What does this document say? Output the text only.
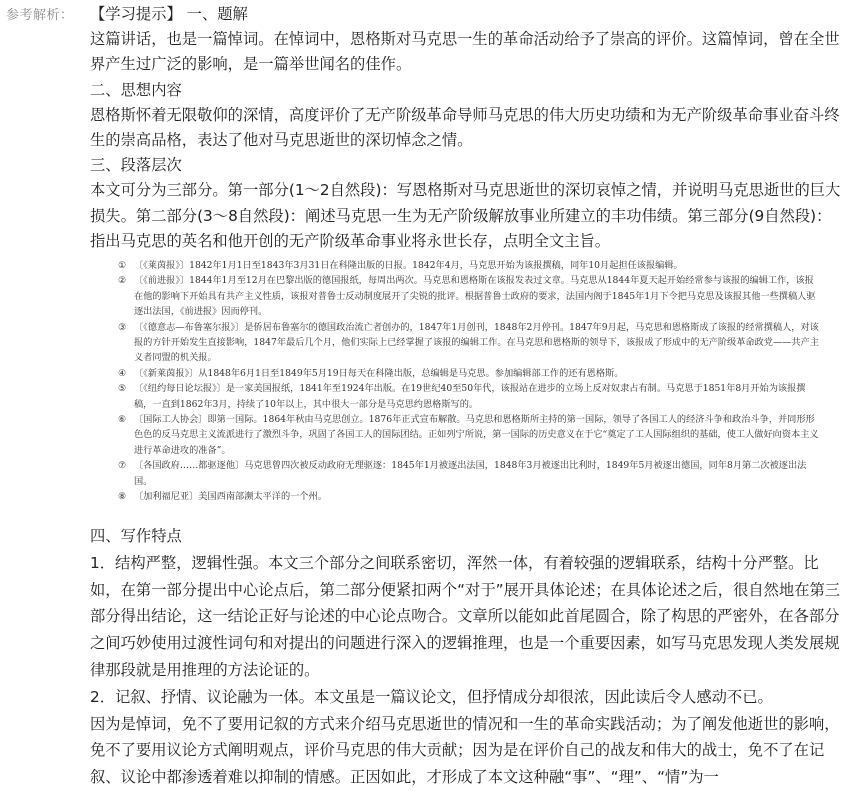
参考解析： 【学习提示】 一、题解

这篇讲话，也是一篇悼词。在悼词中，恩格斯对马克思一生的革命活动给予了崇高的评价。这篇悼词，曾在全世界产生过广泛的影响，是一篇举世闻名的佳作。

二、思想内容

恩格斯怀着无限敬仰的深情，高度评价了无产阶级革命导师马克思的伟大历史功绩和为无产阶级革命事业奋斗终生的崇高品格，表达了他对马克思逝世的深切悼念之情。

三、段落层次

本文可分为三部分。第一部分(1～2自然段)：写恩格斯对马克思逝世的深切哀悼之情，并说明马克思逝世的巨大损失。第二部分(3～8自然段)：阐述马克思一生为无产阶级解放事业所建立的丰功伟绩。第三部分(9自然段)：指出马克思的英名和他开创的无产阶级革命事业将永世长存，点明全文主旨。

① 〔《莱茵报》〕1842年1月1日至1843年3月31日在科隆出版的日报。1842年4月，马克思开始为该报撰稿，同年10月起担任该报编辑。
② 〔《前进报》〕1844年1月至12月在巴黎出版的德国报纸，每周出两次。马克思和恩格斯在该报发表过文章。马克思从1844年夏天起开始经常参与该报的编辑工作，该报在他的影响下开始具有共产主义性质，该报对普鲁士反动制度展开了尖锐的批评。根据普鲁士政府的要求，法国内阁于1845年1月下令把马克思及该报其他一些撰稿人驱逐出法国，《前进报》因而停刊。
③ 〔《德意志—布鲁塞尔报》〕是侨居布鲁塞尔的德国政治流亡者创办的，1847年1月创刊，1848年2月停刊。1847年9月起，马克思和恩格斯成了该报的经常撰稿人，对该报的方针开始发生直接影响，1847年最后几个月，他们实际上已经掌握了该报的编辑工作。在马克思和恩格斯的领导下，该报成了形成中的无产阶级革命政党——共产主义者同盟的机关报。
④ 〔《新莱茵报》〕从1848年6月1日至1849年5月19日每天在科隆出版，总编辑是马克思。参加编辑部工作的还有恩格斯。
⑤ 〔《纽约每日论坛报》〕是一家美国报纸，1841年至1924年出版。在19世纪40至50年代，该报站在进步的立场上反对奴隶占有制。马克思于1851年8月开始为该报撰稿，一直到1862年3月，持续了10年以上，其中很大一部分是马克思约恩格斯写的。
⑥ 〔国际工人协会〕即第一国际。1864年秋由马克思创立。1876年正式宣布解散。马克思和恩格斯所主持的第一国际，领导了各国工人的经济斗争和政治斗争，并同形形色色的反马克思主义流派进行了激烈斗争，巩固了各国工人的国际团结。正如列宁所说，第一国际的历史意义在于它“奠定了工人国际组织的基础，使工人做好向资本主义进行革命进攻的准备”。
⑦ 〔各国政府……都驱逐他〕马克思曾四次被反动政府无理驱逐：1845年1月被逐出法国，1848年3月被逐出比利时，1849年5月被逐出德国，同年8月第二次被逐出法国。
⑧ 〔加利福尼亚〕美国西南部濒太平洋的一个州。

四、写作特点

1．结构严整，逻辑性强。本文三个部分之间联系密切，浑然一体，有着较强的逻辑联系，结构十分严整。比如，在第一部分提出中心论点后，第二部分便紧扣两个“对于”展开具体论述；在具体论述之后，很自然地在第三部分得出结论，这一结论正好与论述的中心论点吻合。文章所以能如此首尾圆合，除了构思的严密外，在各部分之间巧妙使用过渡性词句和对提出的问题进行深入的逻辑推理，也是一个重要因素，如写马克思发现人类发展规律那段就是用推理的方法论证的。

2．记叙、抒情、议论融为一体。本文虽是一篇议论文，但抒情成分却很浓，因此读后令人感动不已。

因为是悼词，免不了要用记叙的方式来介绍马克思逝世的情况和一生的革命实践活动；为了阐发他逝世的影响，免不了要用议论方式阐明观点，评价马克思的伟大贡献；因为是在评价自己的战友和伟大的战士，免不了在记叙、议论中都渗透着难以抑制的情感。正因如此，才形成了本文这种融“事”、“理”、“情”为一
